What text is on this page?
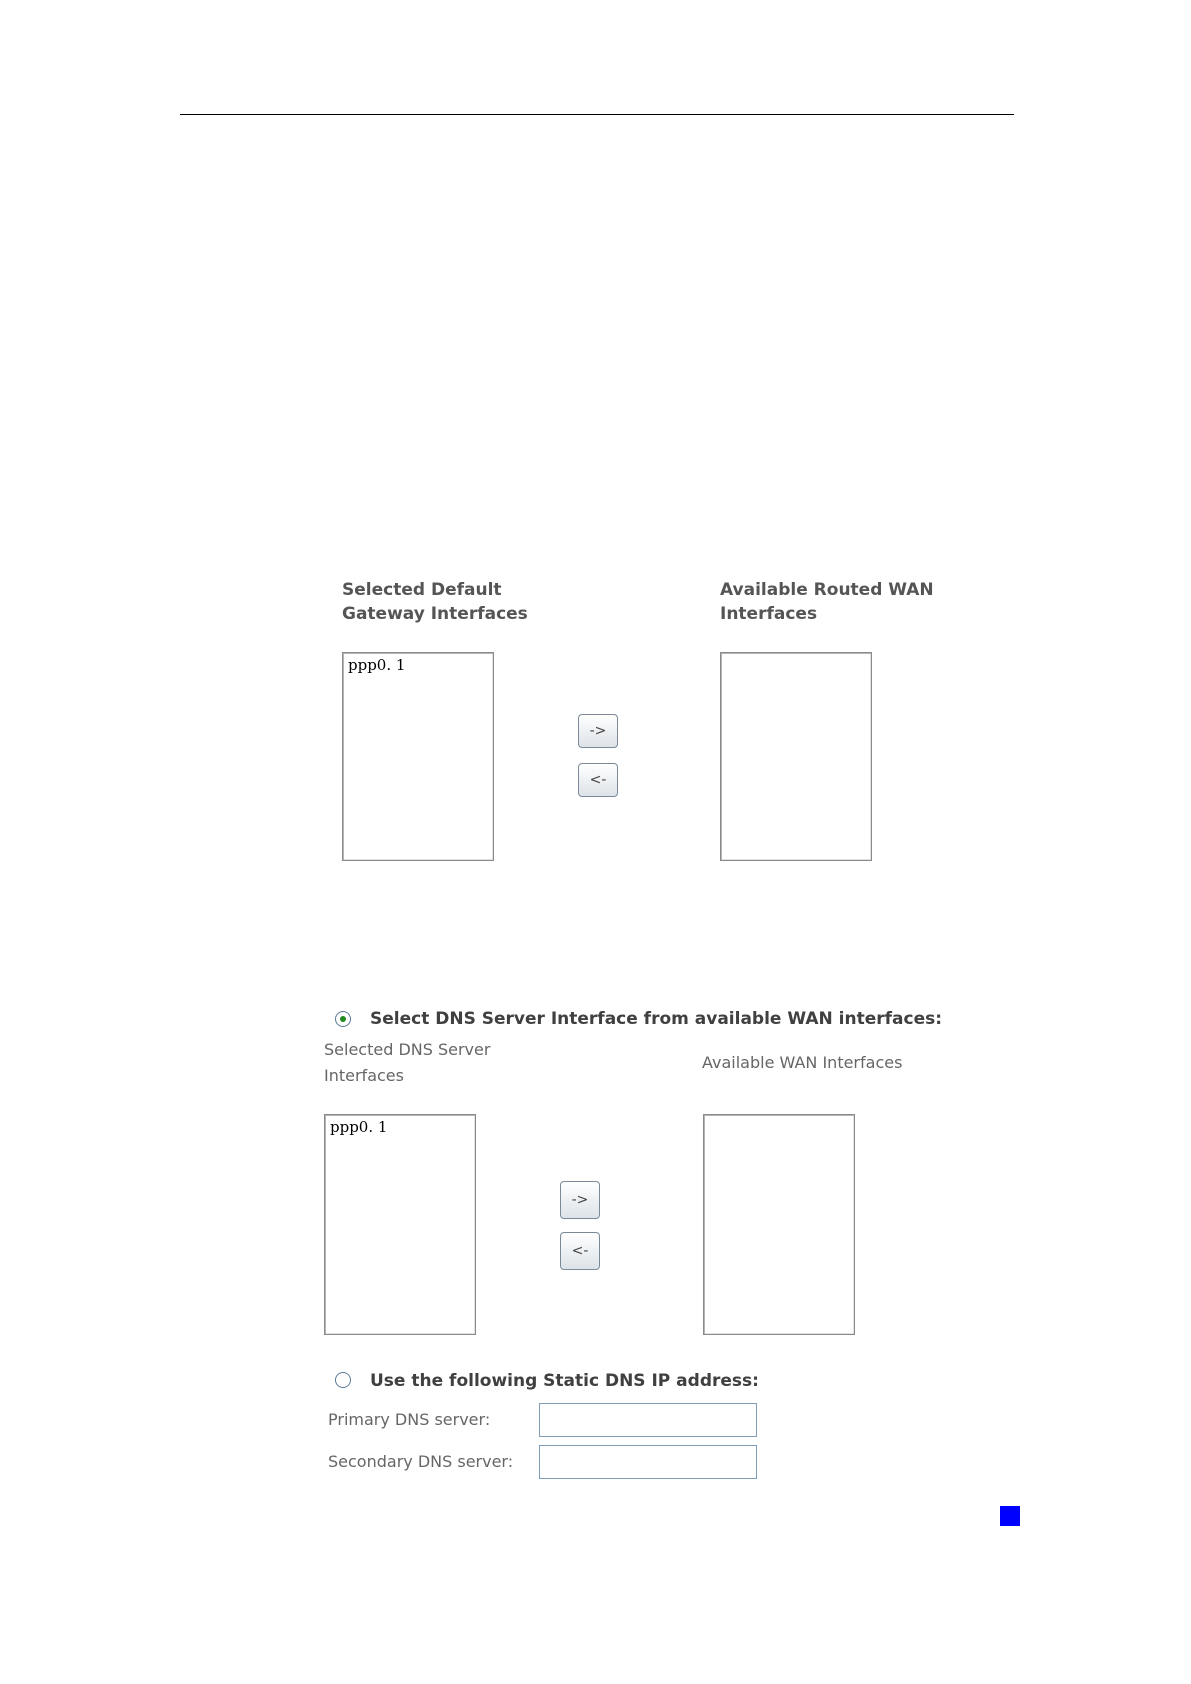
Selected Default
Gateway Interfaces
Available Routed WAN
Interfaces
ppp0. 1
->
<-
Select DNS Server Interface from available WAN interfaces:
Selected DNS Server
Interfaces
Available WAN Interfaces
ppp0. 1
->
<-
Use the following Static DNS IP address:
Primary DNS server:
Secondary DNS server:
